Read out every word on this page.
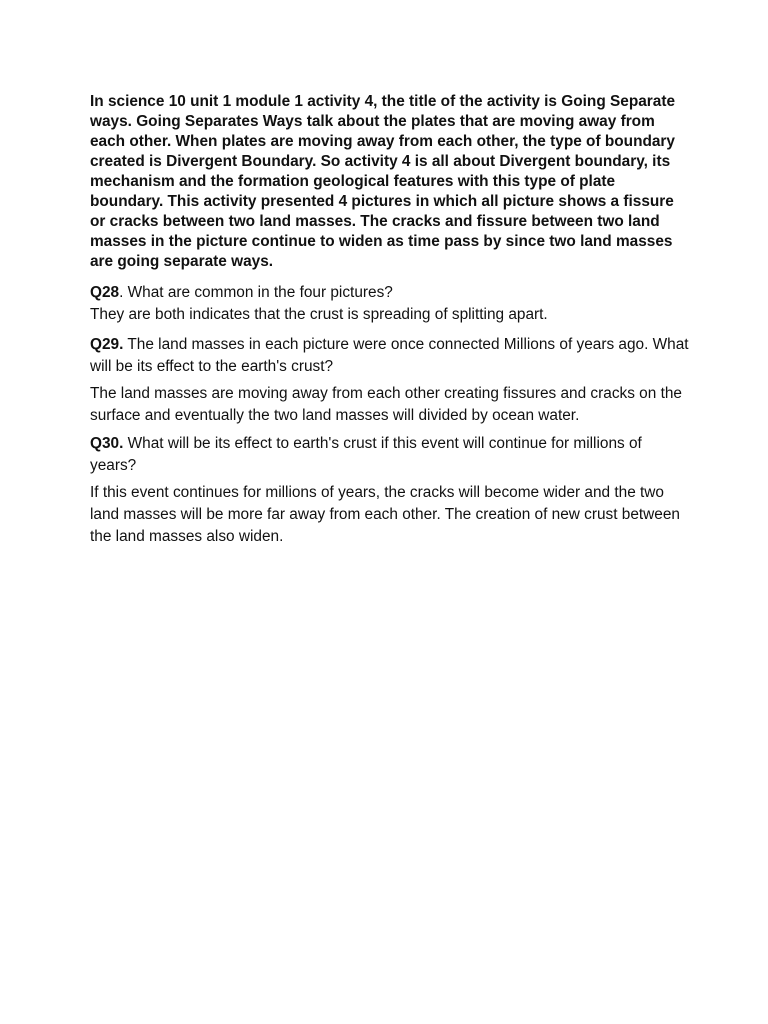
In science 10 unit 1 module 1 activity 4, the title of the activity is Going Separate ways. Going Separates Ways talk about the plates that are moving away from each other. When plates are moving away from each other, the type of boundary created is Divergent Boundary. So activity 4 is all about Divergent boundary, its mechanism and the formation geological features with this type of plate boundary. This activity presented 4 pictures in which all picture shows a fissure or cracks between two land masses. The cracks and fissure between two land masses in the picture continue to widen as time pass by since two land masses are going separate ways.

Q28. What are common in the four pictures?

They are both indicates that the crust is spreading of splitting apart.

Q29. The land masses in each picture were once connected Millions of years ago. What will be its effect to the earth's crust?

The land masses are moving away from each other creating fissures and cracks on the surface and eventually the two land masses will divided by ocean water.

Q30. What will be its effect to earth's crust if this event will continue for millions of years?

If this event continues for millions of years, the cracks will become wider and the two land masses will be more far away from each other. The creation of new crust between the land masses also widen.
